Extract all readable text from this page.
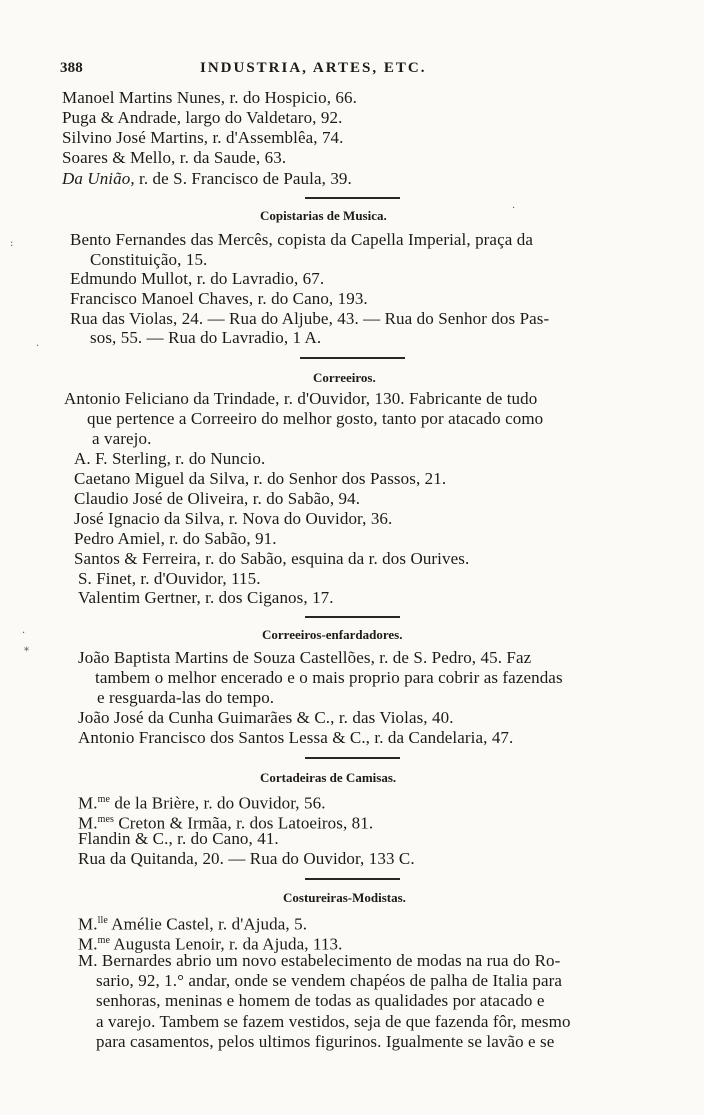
388	INDUSTRIA, ARTES, ETC.
Manoel Martins Nunes, r. do Hospicio, 66.
Puga & Andrade, largo do Valdetaro, 92.
Silvino José Martins, r. d'Assemblêa, 74.
Soares & Mello, r. da Saude, 63.
Da União, r. de S. Francisco de Paula, 39.
Copistarias de Musica.
Bento Fernandes das Mercês, copista da Capella Imperial, praça da
Constituição, 15.
Edmundo Mullot, r. do Lavradio, 67.
Francisco Manoel Chaves, r. do Cano, 193.
Rua das Violas, 24. — Rua do Aljube, 43. — Rua do Senhor dos Pas-
sos, 55. — Rua do Lavradio, 1 A.
Correeiros.
Antonio Feliciano da Trindade, r. d'Ouvidor, 130. Fabricante de tudo
que pertence a Correeiro do melhor gosto, tanto por atacado como
a varejo.
A. F. Sterling, r. do Nuncio.
Caetano Miguel da Silva, r. do Senhor dos Passos, 21.
Claudio José de Oliveira, r. do Sabão, 94.
José Ignacio da Silva, r. Nova do Ouvidor, 36.
Pedro Amiel, r. do Sabão, 91.
Santos & Ferreira, r. do Sabão, esquina da r. dos Ourives.
S. Finet, r. d'Ouvidor, 115.
Valentim Gertner, r. dos Ciganos, 17.
Correeiros-enfardadores.
João Baptista Martins de Souza Castellões, r. de S. Pedro, 45. Faz
tambem o melhor encerado e o mais proprio para cobrir as fazendas
e resguarda-las do tempo.
João José da Cunha Guimarães & C., r. das Violas, 40.
Antonio Francisco dos Santos Lessa & C., r. da Candelaria, 47.
Cortadeiras de Camisas.
M.$^{me}$ de la Brière, r. do Ouvidor, 56.
M.$^{mes}$ Creton & Irmãa, r. dos Latoeiros, 81.
Flandin & C., r. do Cano, 41.
Rua da Quitanda, 20. — Rua do Ouvidor, 133 C.
Costureiras-Modistas.
M.$^{lle}$ Amélie Castel, r. d'Ajuda, 5.
M.$^{me}$ Augusta Lenoir, r. da Ajuda, 113.
M. Bernardes abrio um novo estabelecimento de modas na rua do Ro-
sario, 92, 1.° andar, onde se vendem chapéos de palha de Italia para
senhoras, meninas e homem de todas as qualidades por atacado e
a varejo. Tambem se fazem vestidos, seja de que fazenda fôr, mesmo
para casamentos, pelos ultimos figurinos. Igualmente se lavão e se
:
.
·
*
·
